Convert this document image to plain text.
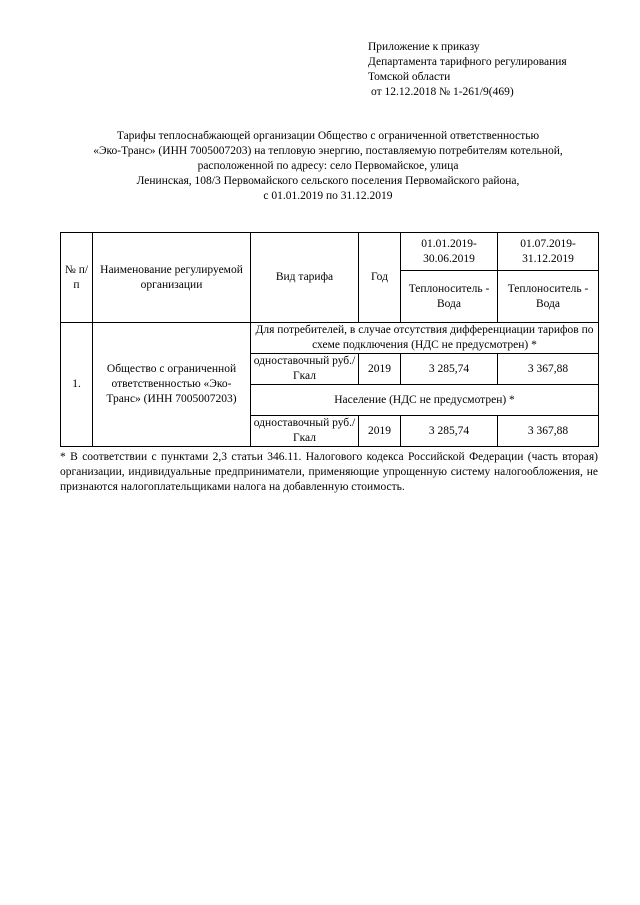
Приложение к приказу
Департамента тарифного регулирования
Томской области
от 12.12.2018 № 1-261/9(469)
Тарифы теплоснабжающей организации Общество с ограниченной ответственностью
«Эко-Транс» (ИНН 7005007203) на тепловую энергию, поставляемую потребителям котельной,
расположенной по адресу: село Первомайское, улица
Ленинская, 108/3 Первомайского сельского поселения Первомайского района,
с 01.01.2019 по 31.12.2019
№ п/п	Наименование регулируемой организации	Вид тарифа	Год	01.01.2019-30.06.2019	01.07.2019-31.12.2019
				Теплоноситель - Вода	Теплоноситель - Вода
1.	Общество с ограниченной ответственностью «Эко-Транс» (ИНН 7005007203)	Для потребителей, в случае отсутствия дифференциации тарифов по схеме подключения (НДС не предусмотрен) *			
		одноставочный руб./Гкал	2019	3 285,74	3 367,88
		Население (НДС не предусмотрен) *			
		одноставочный руб./Гкал	2019	3 285,74	3 367,88
* В соответствии с пунктами 2,3 статьи 346.11. Налогового кодекса Российской Федерации (часть вторая) организации, индивидуальные предприниматели, применяющие упрощенную систему налогообложения, не признаются налогоплательщиками налога на добавленную стоимость.
